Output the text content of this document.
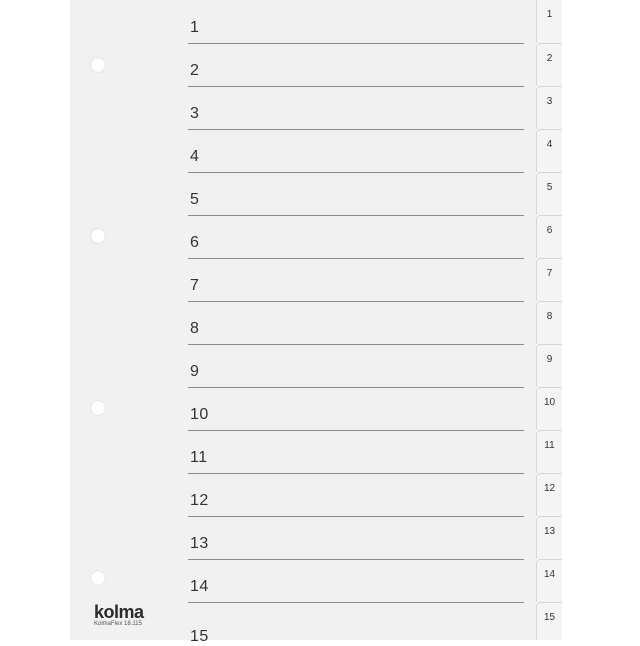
1
2
3
4
5
6
7
8
9
10
11
12
13
14
15
1
2
3
4
5
6
7
8
9
10
11
12
13
14
15
kolma
KolmaFlex 18.115
